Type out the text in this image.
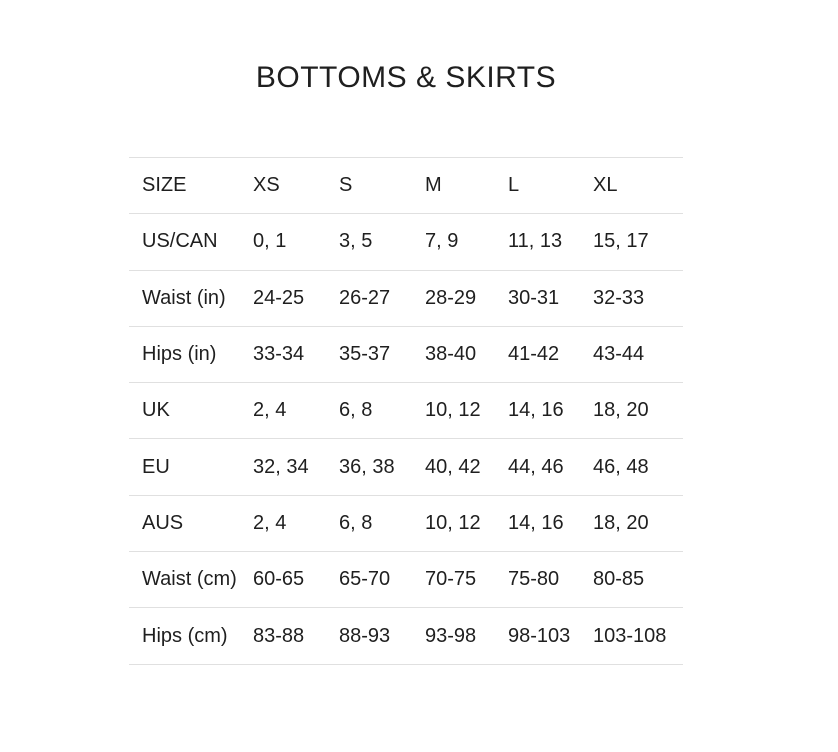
BOTTOMS & SKIRTS
SIZE	XS	S	M	L	XL
US/CAN	0, 1	3, 5	7, 9	11, 13	15, 17
Waist (in)	24-25	26-27	28-29	30-31	32-33
Hips (in)	33-34	35-37	38-40	41-42	43-44
UK	2, 4	6, 8	10, 12	14, 16	18, 20
EU	32, 34	36, 38	40, 42	44, 46	46, 48
AUS	2, 4	6, 8	10, 12	14, 16	18, 20
Waist (cm)	60-65	65-70	70-75	75-80	80-85
Hips (cm)	83-88	88-93	93-98	98-103	103-108
